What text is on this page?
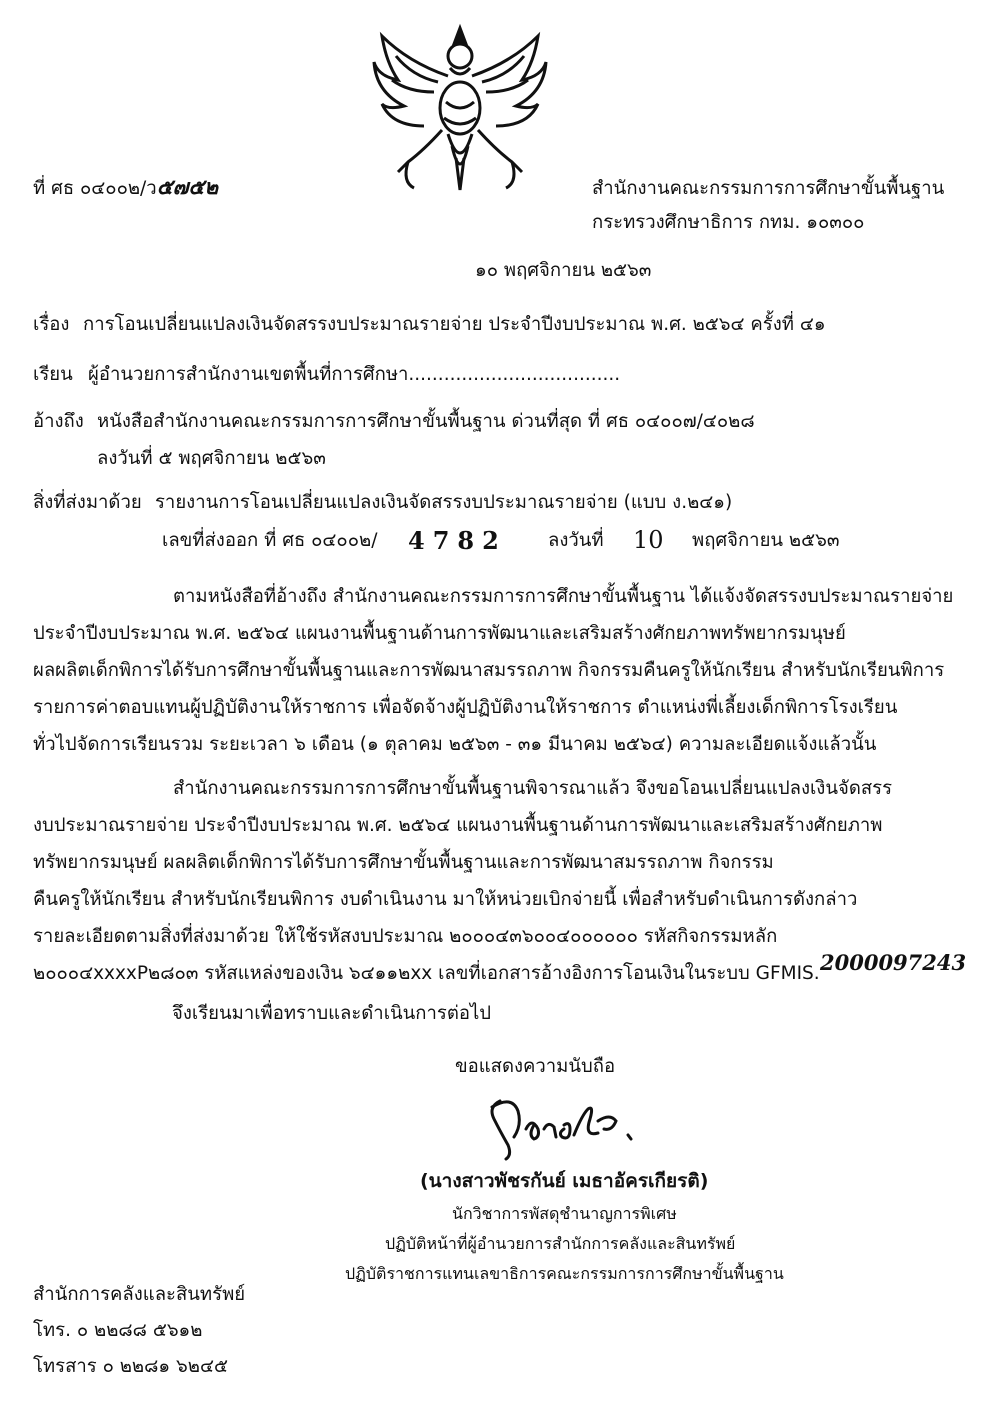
ที่ ศธ ๐๔๐๐๒/ว๕๗๕๒	สำนักงานคณะกรรมการการศึกษาขั้นพื้นฐาน
กระทรวงศึกษาธิการ กทม. ๑๐๓๐๐
๑๐ พฤศจิกายน ๒๕๖๓
เรื่อง การโอนเปลี่ยนแปลงเงินจัดสรรงบประมาณรายจ่าย ประจำปีงบประมาณ พ.ศ. ๒๕๖๔ ครั้งที่ ๔๑
เรียน ผู้อำนวยการสำนักงานเขตพื้นที่การศึกษา....................................
อ้างถึง หนังสือสำนักงานคณะกรรมการการศึกษาขั้นพื้นฐาน ด่วนที่สุด ที่ ศธ ๐๔๐๐๗/๔๐๒๘
ลงวันที่ ๕ พฤศจิกายน ๒๕๖๓
สิ่งที่ส่งมาด้วย รายงานการโอนเปลี่ยนแปลงเงินจัดสรรงบประมาณรายจ่าย (แบบ ง.๒๔๑)
เลขที่ส่งออก ที่ ศธ ๐๔๐๐๒/ 4782 ลงวันที่ 10 พฤศจิกายน ๒๕๖๓
ตามหนังสือที่อ้างถึง สำนักงานคณะกรรมการการศึกษาขั้นพื้นฐาน ได้แจ้งจัดสรรงบประมาณรายจ่าย
ประจำปีงบประมาณ พ.ศ. ๒๕๖๔ แผนงานพื้นฐานด้านการพัฒนาและเสริมสร้างศักยภาพทรัพยากรมนุษย์
ผลผลิตเด็กพิการได้รับการศึกษาขั้นพื้นฐานและการพัฒนาสมรรถภาพ กิจกรรมคืนครูให้นักเรียน สำหรับนักเรียนพิการ
รายการค่าตอบแทนผู้ปฏิบัติงานให้ราชการ เพื่อจัดจ้างผู้ปฏิบัติงานให้ราชการ ตำแหน่งพี่เลี้ยงเด็กพิการโรงเรียน
ทั่วไปจัดการเรียนรวม ระยะเวลา ๖ เดือน (๑ ตุลาคม ๒๕๖๓ - ๓๑ มีนาคม ๒๕๖๔) ความละเอียดแจ้งแล้วนั้น
สำนักงานคณะกรรมการการศึกษาขั้นพื้นฐานพิจารณาแล้ว จึงขอโอนเปลี่ยนแปลงเงินจัดสรร
งบประมาณรายจ่าย ประจำปีงบประมาณ พ.ศ. ๒๕๖๔ แผนงานพื้นฐานด้านการพัฒนาและเสริมสร้างศักยภาพ
ทรัพยากรมนุษย์ ผลผลิตเด็กพิการได้รับการศึกษาขั้นพื้นฐานและการพัฒนาสมรรถภาพ กิจกรรม
คืนครูให้นักเรียน สำหรับนักเรียนพิการ งบดำเนินงาน มาให้หน่วยเบิกจ่ายนี้ เพื่อสำหรับดำเนินการดังกล่าว
รายละเอียดตามสิ่งที่ส่งมาด้วย ให้ใช้รหัสงบประมาณ ๒๐๐๐๔๓๖๐๐๔๐๐๐๐๐๐ รหัสกิจกรรมหลัก
๒๐๐๐๔xxxxP๒๘๐๓ รหัสแหล่งของเงิน ๖๔๑๑๒xx เลขที่เอกสารอ้างอิงการโอนเงินในระบบ GFMIS. 2000097243
จึงเรียนมาเพื่อทราบและดำเนินการต่อไป
ขอแสดงความนับถือ
(นางสาวพัชรกันย์ เมธาอัครเกียรติ)
นักวิชาการพัสดุชำนาญการพิเศษ
ปฏิบัติหน้าที่ผู้อำนวยการสำนักการคลังและสินทรัพย์
ปฏิบัติราชการแทนเลขาธิการคณะกรรมการการศึกษาขั้นพื้นฐาน
สำนักการคลังและสินทรัพย์
โทร. ๐ ๒๒๘๘ ๕๖๑๒
โทรสาร ๐ ๒๒๘๑ ๖๒๔๕
